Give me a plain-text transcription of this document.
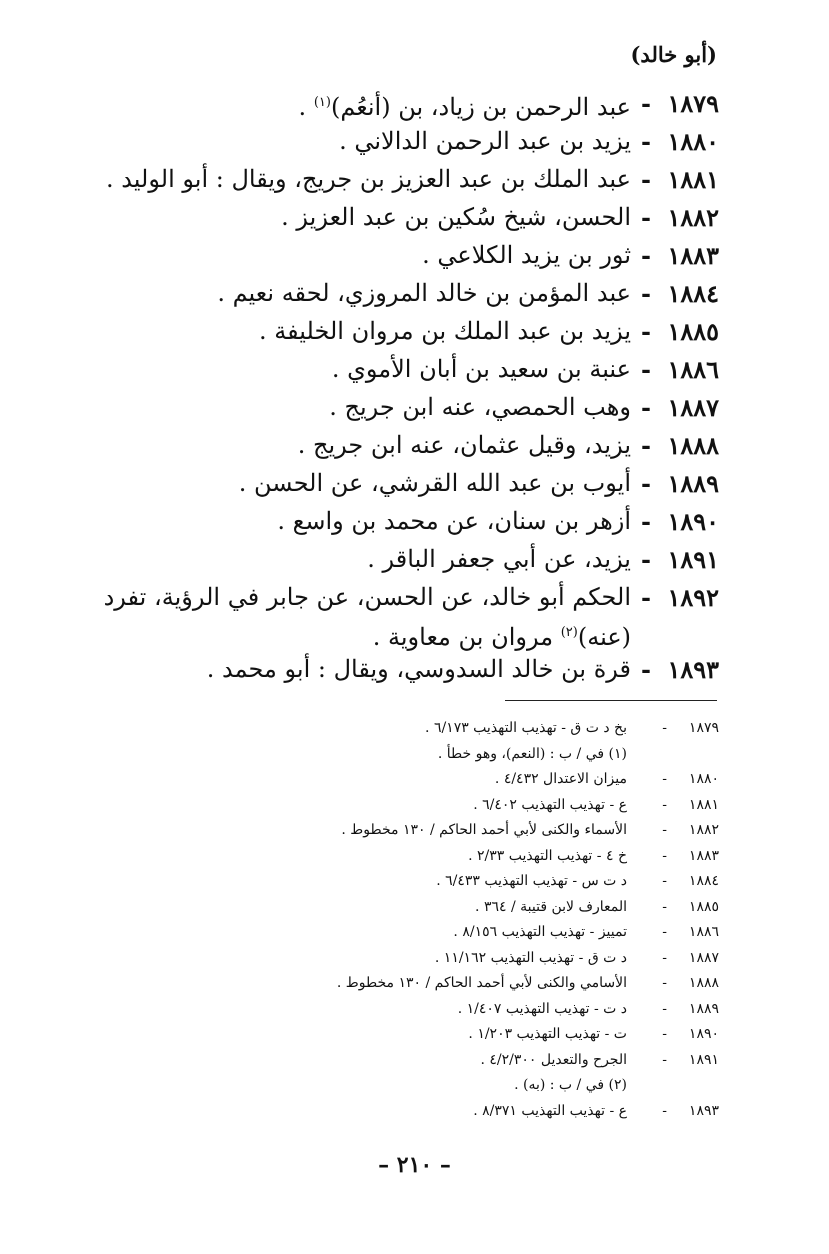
(أبو خالد)
١٨٧٩
-
عبد الرحمن بن زياد، بن (أنعُم)$^{(١)}$ .
١٨٨٠
-
يزيد بن عبد الرحمن الدالاني .
١٨٨١
-
عبد الملك بن عبد العزيز بن جريج، ويقال : أبو الوليد .
١٨٨٢
-
الحسن، شيخ سُكين بن عبد العزيز .
١٨٨٣
-
ثور بن يزيد الكلاعي .
١٨٨٤
-
عبد المؤمن بن خالد المروزي، لحقه نعيم .
١٨٨٥
-
يزيد بن عبد الملك بن مروان الخليفة .
١٨٨٦
-
عنبة بن سعيد بن أبان الأموي .
١٨٨٧
-
وهب الحمصي، عنه ابن جريج .
١٨٨٨
-
يزيد، وقيل عثمان، عنه ابن جريج .
١٨٨٩
-
أيوب بن عبد الله القرشي، عن الحسن .
١٨٩٠
-
أزهر بن سنان، عن محمد بن واسع .
١٨٩١
-
يزيد، عن أبي جعفر الباقر .
١٨٩٢
-
الحكم أبو خالد، عن الحسن، عن جابر في الرؤية، تفرد (عنه)$^{(٢)}$ مروان بن معاوية .
١٨٩٣
-
قرة بن خالد السدوسي، ويقال : أبو محمد .
١٨٧٩
-
بخ د ت ق - تهذيب التهذيب ٦/١٧٣ .
(١) في / ب : (النعم)، وهو خطأ .
١٨٨٠
-
ميزان الاعتدال ٤/٤٣٢ .
١٨٨١
-
ع - تهذيب التهذيب ٦/٤٠٢ .
١٨٨٢
-
الأسماء والكنى لأبي أحمد الحاكم / ١٣٠ مخطوط .
١٨٨٣
-
خ ٤ - تهذيب التهذيب ٢/٣٣ .
١٨٨٤
-
د ت س - تهذيب التهذيب ٦/٤٣٣ .
١٨٨٥
-
المعارف لابن قتيبة / ٣٦٤ .
١٨٨٦
-
تمييز - تهذيب التهذيب ٨/١٥٦ .
١٨٨٧
-
د ت ق - تهذيب التهذيب ١١/١٦٢ .
١٨٨٨
-
الأسامي والكنى لأبي أحمد الحاكم / ١٣٠ مخطوط .
١٨٨٩
-
د ت - تهذيب التهذيب ١/٤٠٧ .
١٨٩٠
-
ت - تهذيب التهذيب ١/٢٠٣ .
١٨٩١
-
الجرح والتعديل ٤/٢/٣٠٠ .
(٢) في / ب : (به) .
١٨٩٣
-
ع - تهذيب التهذيب ٨/٣٧١ .
– ٢١٠ –
